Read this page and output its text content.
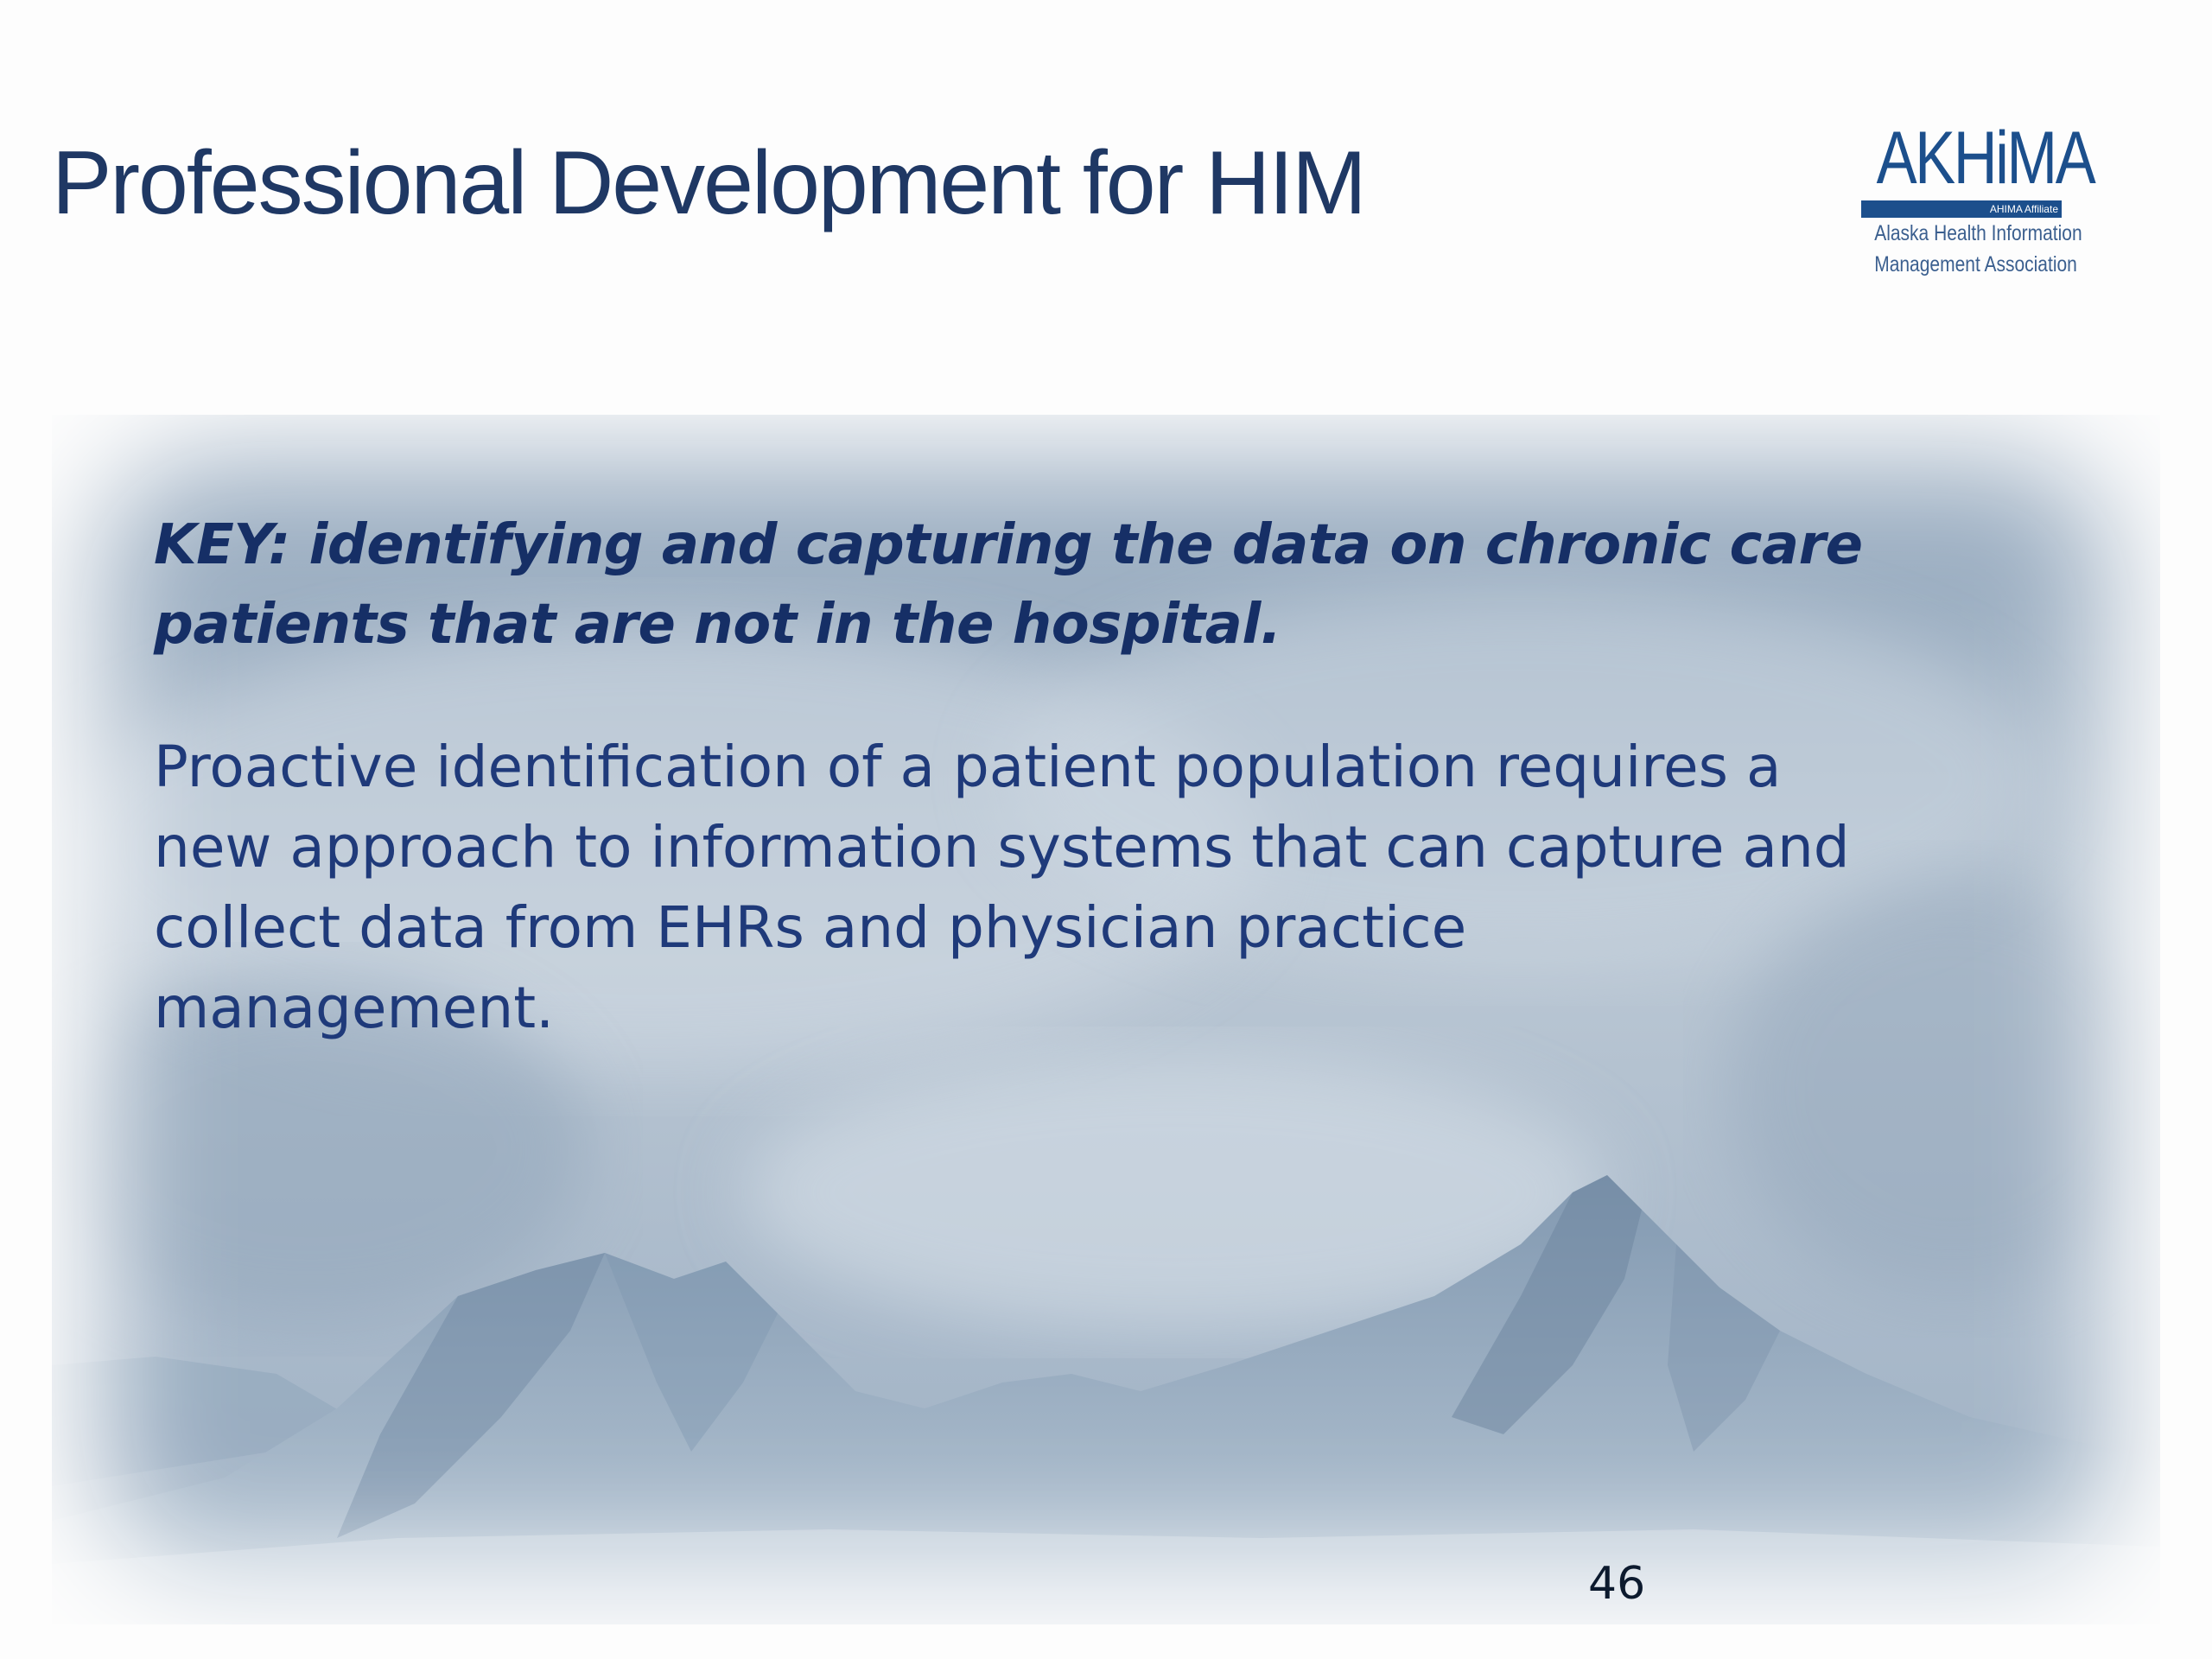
Professional Development for HIM	AKHiMA
AHIMA Affiliate
Alaska Health Information
Management Association

KEY: identifying and capturing the data on chronic care patients that are not in the hospital.

Proactive identification of a patient population requires a new approach to information systems that can capture and collect data from EHRs and physician practice management.

46
